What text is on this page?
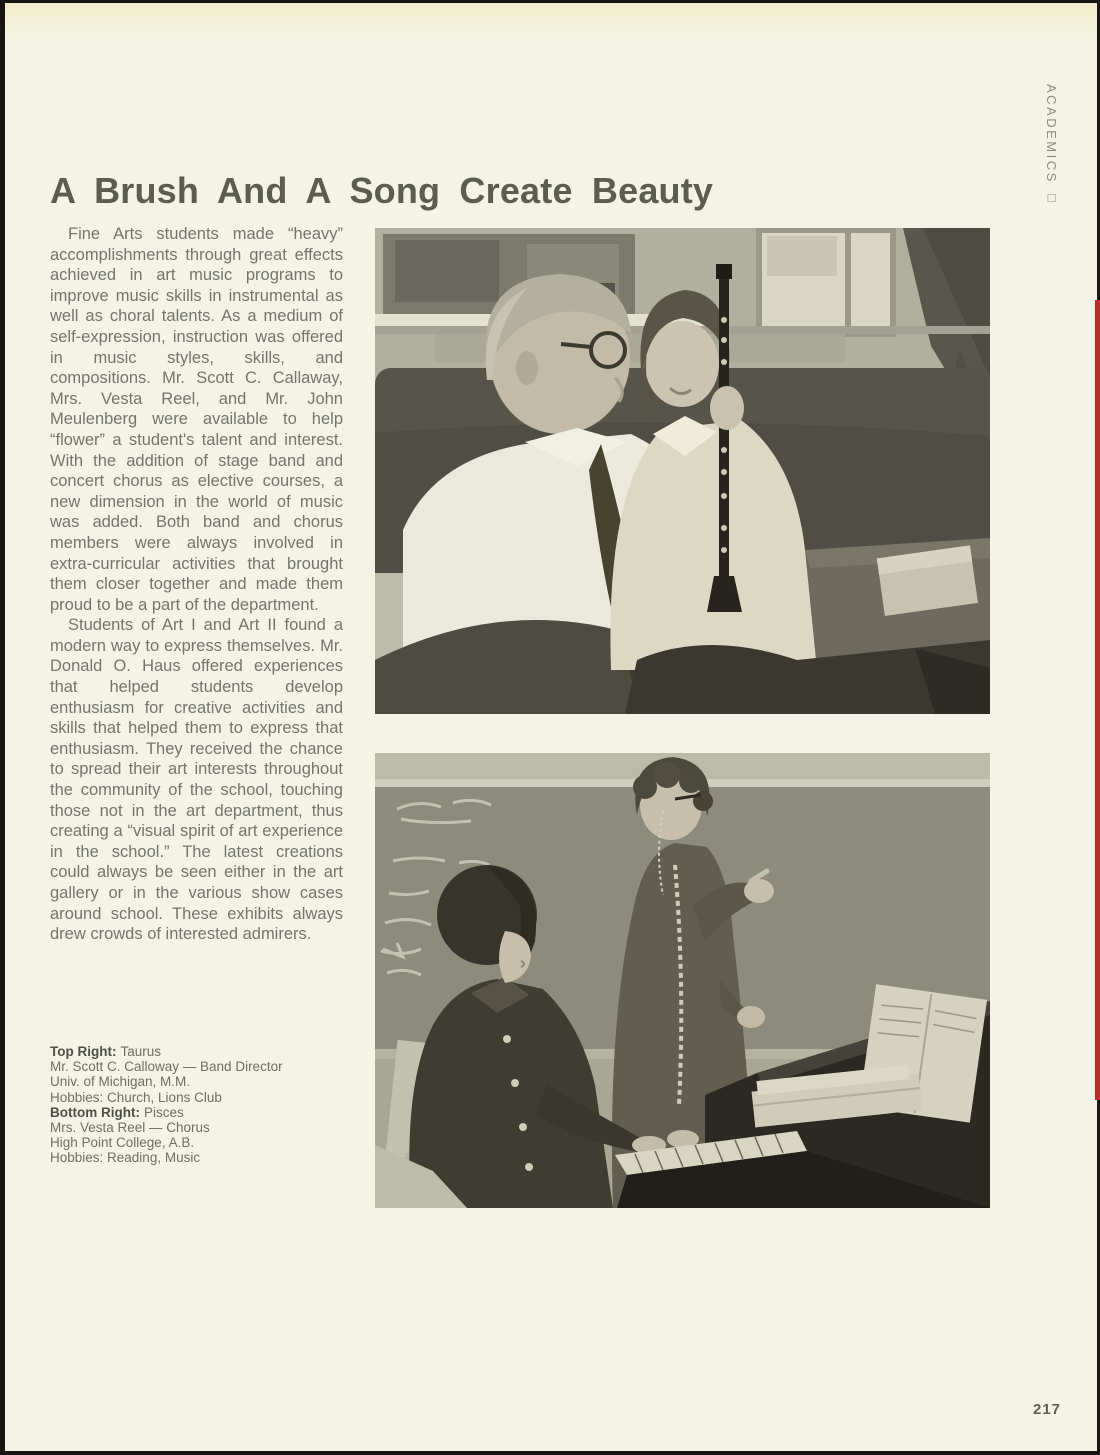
ACADEMICS □
A Brush And A Song Create Beauty

Fine Arts students made “heavy” accomplishments through great effects achieved in art music programs to improve music skills in instrumental as well as choral talents. As a medium of self-expression, instruction was offered in music styles, skills, and compositions. Mr. Scott C. Callaway, Mrs. Vesta Reel, and Mr. John Meulenberg were available to help “flower” a student's talent and interest. With the addition of stage band and concert chorus as elective courses, a new dimension in the world of music was added. Both band and chorus members were always involved in extra-curricular activities that brought them closer together and made them proud to be a part of the department.

Students of Art I and Art II found a modern way to express themselves. Mr. Donald O. Haus offered experiences that helped students develop enthusiasm for creative activities and skills that helped them to express that enthusiasm. They received the chance to spread their art interests throughout the community of the school, touching those not in the art department, thus creating a “visual spirit of art experience in the school.” The latest creations could always be seen either in the art gallery or in the various show cases around school. These exhibits always drew crowds of interested admirers.

Top Right: Taurus
Mr. Scott C. Calloway — Band Director
Univ. of Michigan, M.M.
Hobbies: Church, Lions Club
Bottom Right: Pisces
Mrs. Vesta Reel — Chorus
High Point College, A.B.
Hobbies: Reading, Music
217
